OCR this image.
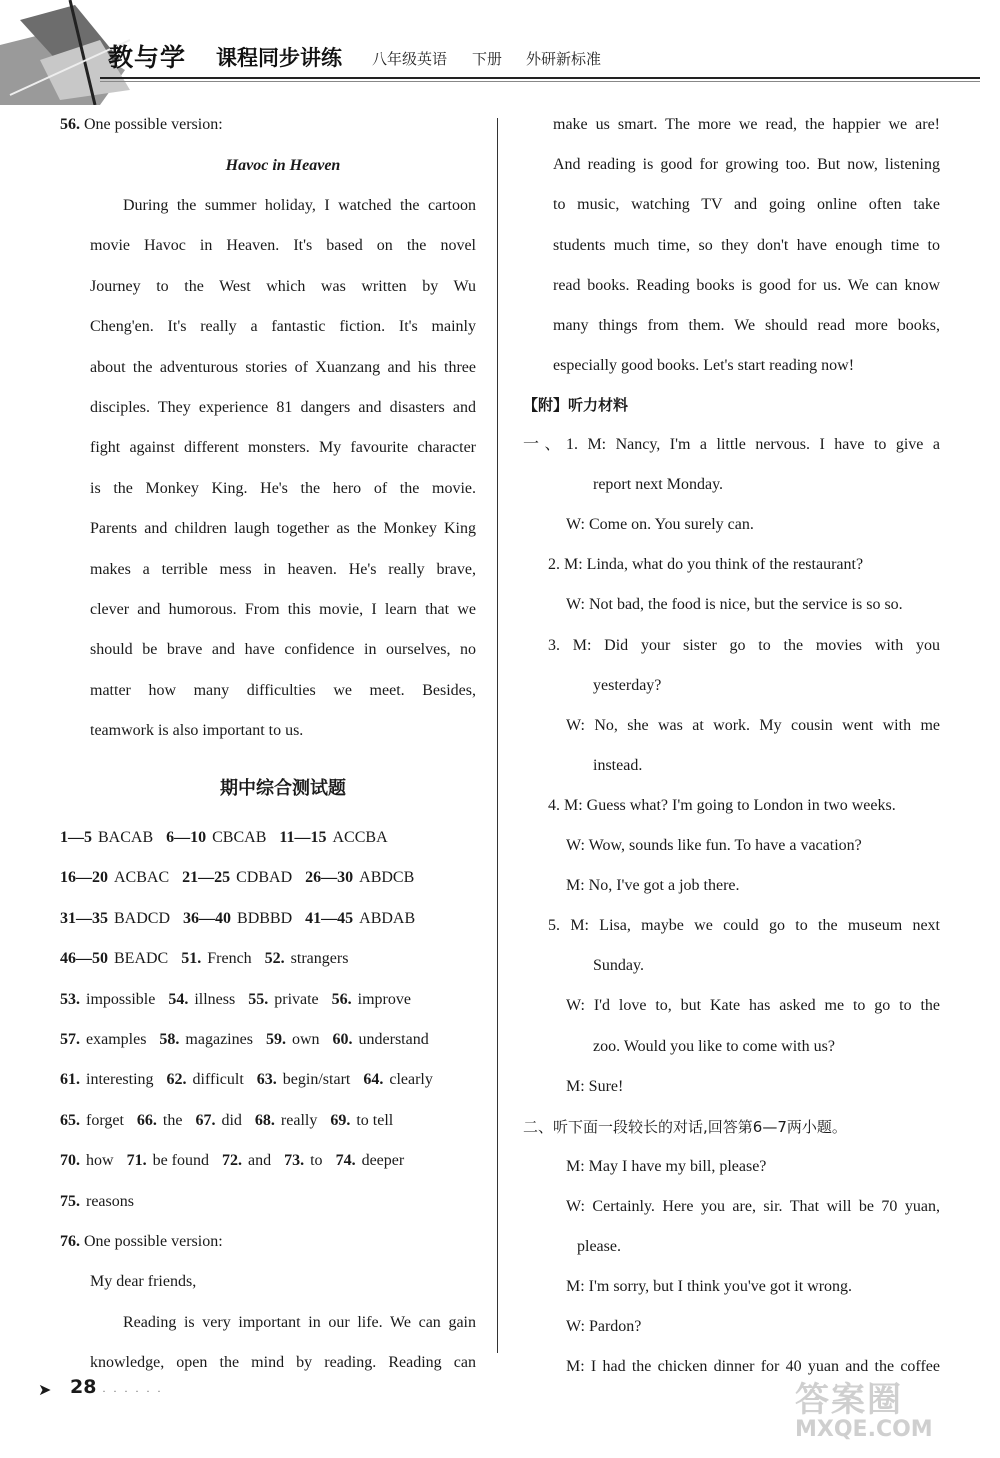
教与学 课程同步讲练 八年级英语 下册 外研新标准
56. One possible version:
Havoc in Heaven
During the summer holiday, I watched the cartoon
movie Havoc in Heaven. It's based on the novel
Journey to the West which was written by Wu
Cheng'en. It's really a fantastic fiction. It's mainly
about the adventurous stories of Xuanzang and his three
disciples. They experience 81 dangers and disasters and
fight against different monsters. My favourite character
is the Monkey King. He's the hero of the movie.
Parents and children laugh together as the Monkey King
makes a terrible mess in heaven. He's really brave,
clever and humorous. From this movie, I learn that we
should be brave and have confidence in ourselves, no
matter how many difficulties we meet. Besides,
teamwork is also important to us.
期中综合测试题
1—5 BACAB 6—10 CBCAB 11—15 ACCBA
16—20 ACBAC 21—25 CDBAD 26—30 ABDCB
31—35 BADCD 36—40 BDBBD 41—45 ABDAB
46—50 BEADC 51. French 52. strangers
53. impossible 54. illness 55. private 56. improve
57. examples 58. magazines 59. own 60. understand
61. interesting 62. difficult 63. begin/start 64. clearly
65. forget 66. the 67. did 68. really 69. to tell
70. how 71. be found 72. and 73. to 74. deeper
75. reasons
76. One possible version:
My dear friends,
Reading is very important in our life. We can gain
knowledge, open the mind by reading. Reading can
make us smart. The more we read, the happier we are!
And reading is good for growing too. But now, listening
to music, watching TV and going online often take
students much time, so they don't have enough time to
read books. Reading books is good for us. We can know
many things from them. We should read more books,
especially good books. Let's start reading now!
【附】听力材料
一、1. M: Nancy, I'm a little nervous. I have to give a
report next Monday.
W: Come on. You surely can.
2. M: Linda, what do you think of the restaurant?
W: Not bad, the food is nice, but the service is so so.
3. M: Did your sister go to the movies with you
yesterday?
W: No, she was at work. My cousin went with me
instead.
4. M: Guess what? I'm going to London in two weeks.
W: Wow, sounds like fun. To have a vacation?
M: No, I've got a job there.
5. M: Lisa, maybe we could go to the museum next
Sunday.
W: I'd love to, but Kate has asked me to go to the
zoo. Would you like to come with us?
M: Sure!
二、听下面一段较长的对话,回答第6—7两小题。
M: May I have my bill, please?
W: Certainly. Here you are, sir. That will be 70 yuan,
please.
M: I'm sorry, but I think you've got it wrong.
W: Pardon?
M: I had the chicken dinner for 40 yuan and the coffee
➤ 28 · · · · · ·	答案圈
MXQE.COM
